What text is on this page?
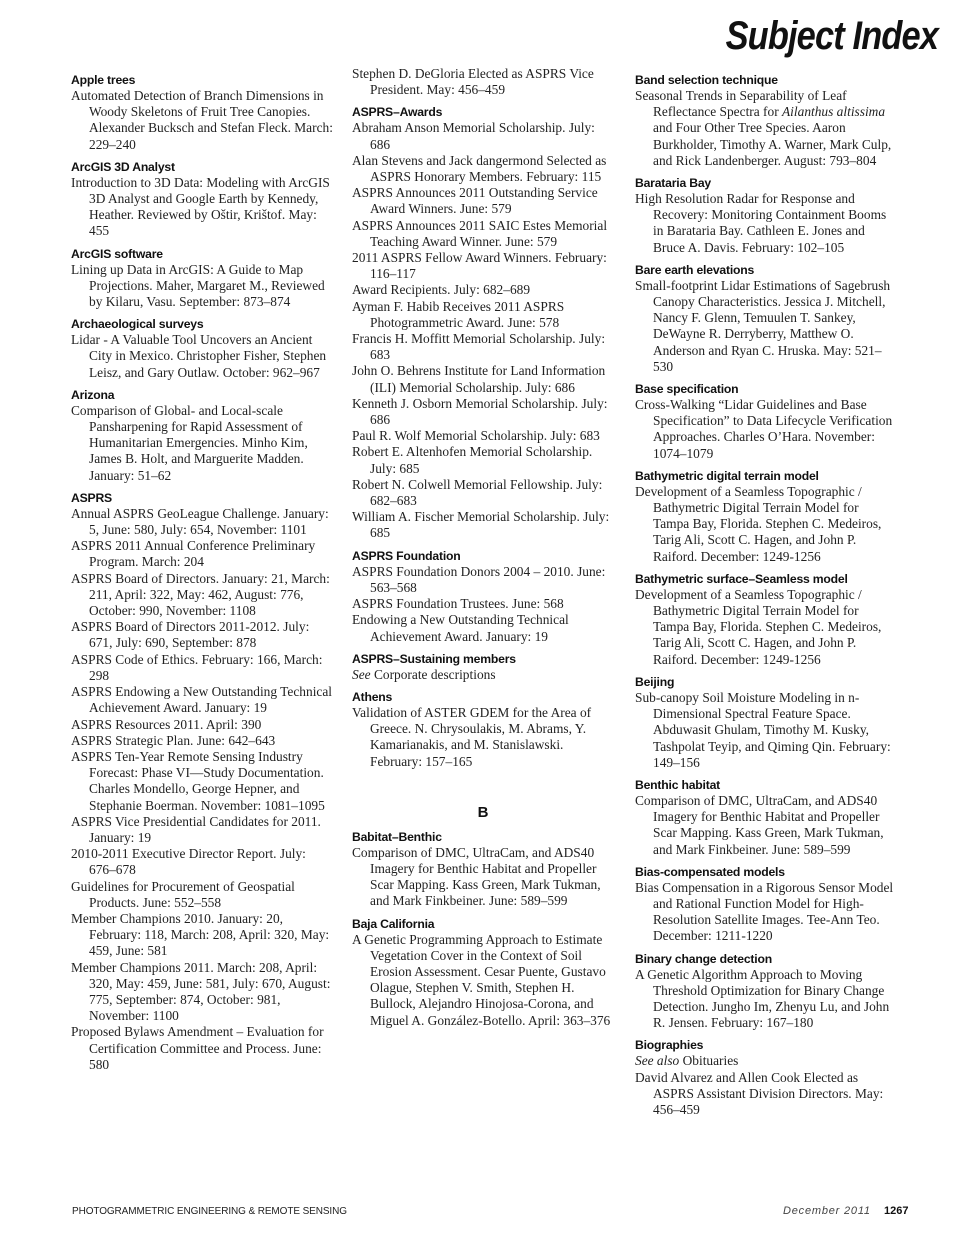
Subject Index
Apple trees
Automated Detection of Branch Dimensions in Woody Skeletons of Fruit Tree Canopies. Alexander Bucksch and Stefan Fleck. March: 229–240
ArcGIS 3D Analyst
Introduction to 3D Data: Modeling with ArcGIS 3D Analyst and Google Earth by Kennedy, Heather. Reviewed by Oštir, Krištof. May: 455
ArcGIS software
Lining up Data in ArcGIS: A Guide to Map Projections. Maher, Margaret M., Reviewed by Kilaru, Vasu. September: 873–874
Archaeological surveys
Lidar - A Valuable Tool Uncovers an Ancient City in Mexico. Christopher Fisher, Stephen Leisz, and Gary Outlaw. October: 962–967
Arizona
Comparison of Global- and Local-scale Pansharpening for Rapid Assessment of Humanitarian Emergencies. Minho Kim, James B. Holt, and Marguerite Madden. January: 51–62
ASPRS
Annual ASPRS GeoLeague Challenge. January: 5, June: 580, July: 654, November: 1101
ASPRS 2011 Annual Conference Preliminary Program. March: 204
ASPRS Board of Directors. January: 21, March: 211, April: 322, May: 462, August: 776, October: 990, November: 1108
ASPRS Board of Directors 2011-2012. July: 671, July: 690, September: 878
ASPRS Code of Ethics. February: 166, March: 298
ASPRS Endowing a New Outstanding Technical Achievement Award. January: 19
ASPRS Resources 2011. April: 390
ASPRS Strategic Plan. June: 642–643
ASPRS Ten-Year Remote Sensing Industry Forecast: Phase VI—Study Documentation. Charles Mondello, George Hepner, and Stephanie Boerman. November: 1081–1095
ASPRS Vice Presidential Candidates for 2011. January: 19
2010-2011 Executive Director Report. July: 676–678
Guidelines for Procurement of Geospatial Products. June: 552–558
Member Champions 2010. January: 20, February: 118, March: 208, April: 320, May: 459, June: 581
Member Champions 2011. March: 208, April: 320, May: 459, June: 581, July: 670, August: 775, September: 874, October: 981, November: 1100
Proposed Bylaws Amendment – Evaluation for Certification Committee and Process. June: 580
Stephen D. DeGloria Elected as ASPRS Vice President. May: 456–459
ASPRS–Awards
Abraham Anson Memorial Scholarship. July: 686
Alan Stevens and Jack dangermond Selected as ASPRS Honorary Members. February: 115
ASPRS Announces 2011 Outstanding Service Award Winners. June: 579
ASPRS Announces 2011 SAIC Estes Memorial Teaching Award Winner. June: 579
2011 ASPRS Fellow Award Winners. February: 116–117
Award Recipients. July: 682–689
Ayman F. Habib Receives 2011 ASPRS Photogrammetric Award. June: 578
Francis H. Moffitt Memorial Scholarship. July: 683
John O. Behrens Institute for Land Information (ILI) Memorial Scholarship. July: 686
Kenneth J. Osborn Memorial Scholarship. July: 686
Paul R. Wolf Memorial Scholarship. July: 683
Robert E. Altenhofen Memorial Scholarship. July: 685
Robert N. Colwell Memorial Fellowship. July: 682–683
William A. Fischer Memorial Scholarship. July: 685
ASPRS Foundation
ASPRS Foundation Donors 2004 – 2010. June: 563–568
ASPRS Foundation Trustees. June: 568
Endowing a New Outstanding Technical Achievement Award. January: 19
ASPRS–Sustaining members
See Corporate descriptions
Athens
Validation of ASTER GDEM for the Area of Greece. N. Chrysoulakis, M. Abrams, Y. Kamarianakis, and M. Stanislawski. February: 157–165
B
Babitat–Benthic
Comparison of DMC, UltraCam, and ADS40 Imagery for Benthic Habitat and Propeller Scar Mapping. Kass Green, Mark Tukman, and Mark Finkbeiner. June: 589–599
Baja California
A Genetic Programming Approach to Estimate Vegetation Cover in the Context of Soil Erosion Assessment. Cesar Puente, Gustavo Olague, Stephen V. Smith, Stephen H. Bullock, Alejandro Hinojosa-Corona, and Miguel A. González-Botello. April: 363–376
Band selection technique
Seasonal Trends in Separability of Leaf Reflectance Spectra for Ailanthus altissima and Four Other Tree Species. Aaron Burkholder, Timothy A. Warner, Mark Culp, and Rick Landenberger. August: 793–804
Barataria Bay
High Resolution Radar for Response and Recovery: Monitoring Containment Booms in Barataria Bay. Cathleen E. Jones and Bruce A. Davis. February: 102–105
Bare earth elevations
Small-footprint Lidar Estimations of Sagebrush Canopy Characteristics. Jessica J. Mitchell, Nancy F. Glenn, Temuulen T. Sankey, DeWayne R. Derryberry, Matthew O. Anderson and Ryan C. Hruska. May: 521–530
Base specification
Cross-Walking “Lidar Guidelines and Base Specification” to Data Lifecycle Verification Approaches. Charles O’Hara. November: 1074–1079
Bathymetric digital terrain model
Development of a Seamless Topographic / Bathymetric Digital Terrain Model for Tampa Bay, Florida. Stephen C. Medeiros, Tarig Ali, Scott C. Hagen, and John P. Raiford. December: 1249-1256
Bathymetric surface–Seamless model
Development of a Seamless Topographic / Bathymetric Digital Terrain Model for Tampa Bay, Florida. Stephen C. Medeiros, Tarig Ali, Scott C. Hagen, and John P. Raiford. December: 1249-1256
Beijing
Sub-canopy Soil Moisture Modeling in n-Dimensional Spectral Feature Space. Abduwasit Ghulam, Timothy M. Kusky, Tashpolat Teyip, and Qiming Qin. February: 149–156
Benthic habitat
Comparison of DMC, UltraCam, and ADS40 Imagery for Benthic Habitat and Propeller Scar Mapping. Kass Green, Mark Tukman, and Mark Finkbeiner. June: 589–599
Bias-compensated models
Bias Compensation in a Rigorous Sensor Model and Rational Function Model for High-Resolution Satellite Images. Tee-Ann Teo. December: 1211-1220
Binary change detection
A Genetic Algorithm Approach to Moving Threshold Optimization for Binary Change Detection. Jungho Im, Zhenyu Lu, and John R. Jensen. February: 167–180
Biographies
See also Obituaries
David Alvarez and Allen Cook Elected as ASPRS Assistant Division Directors. May: 456–459
PHOTOGRAMMETRIC ENGINEERING & REMOTE SENSING	December 2011 1267
